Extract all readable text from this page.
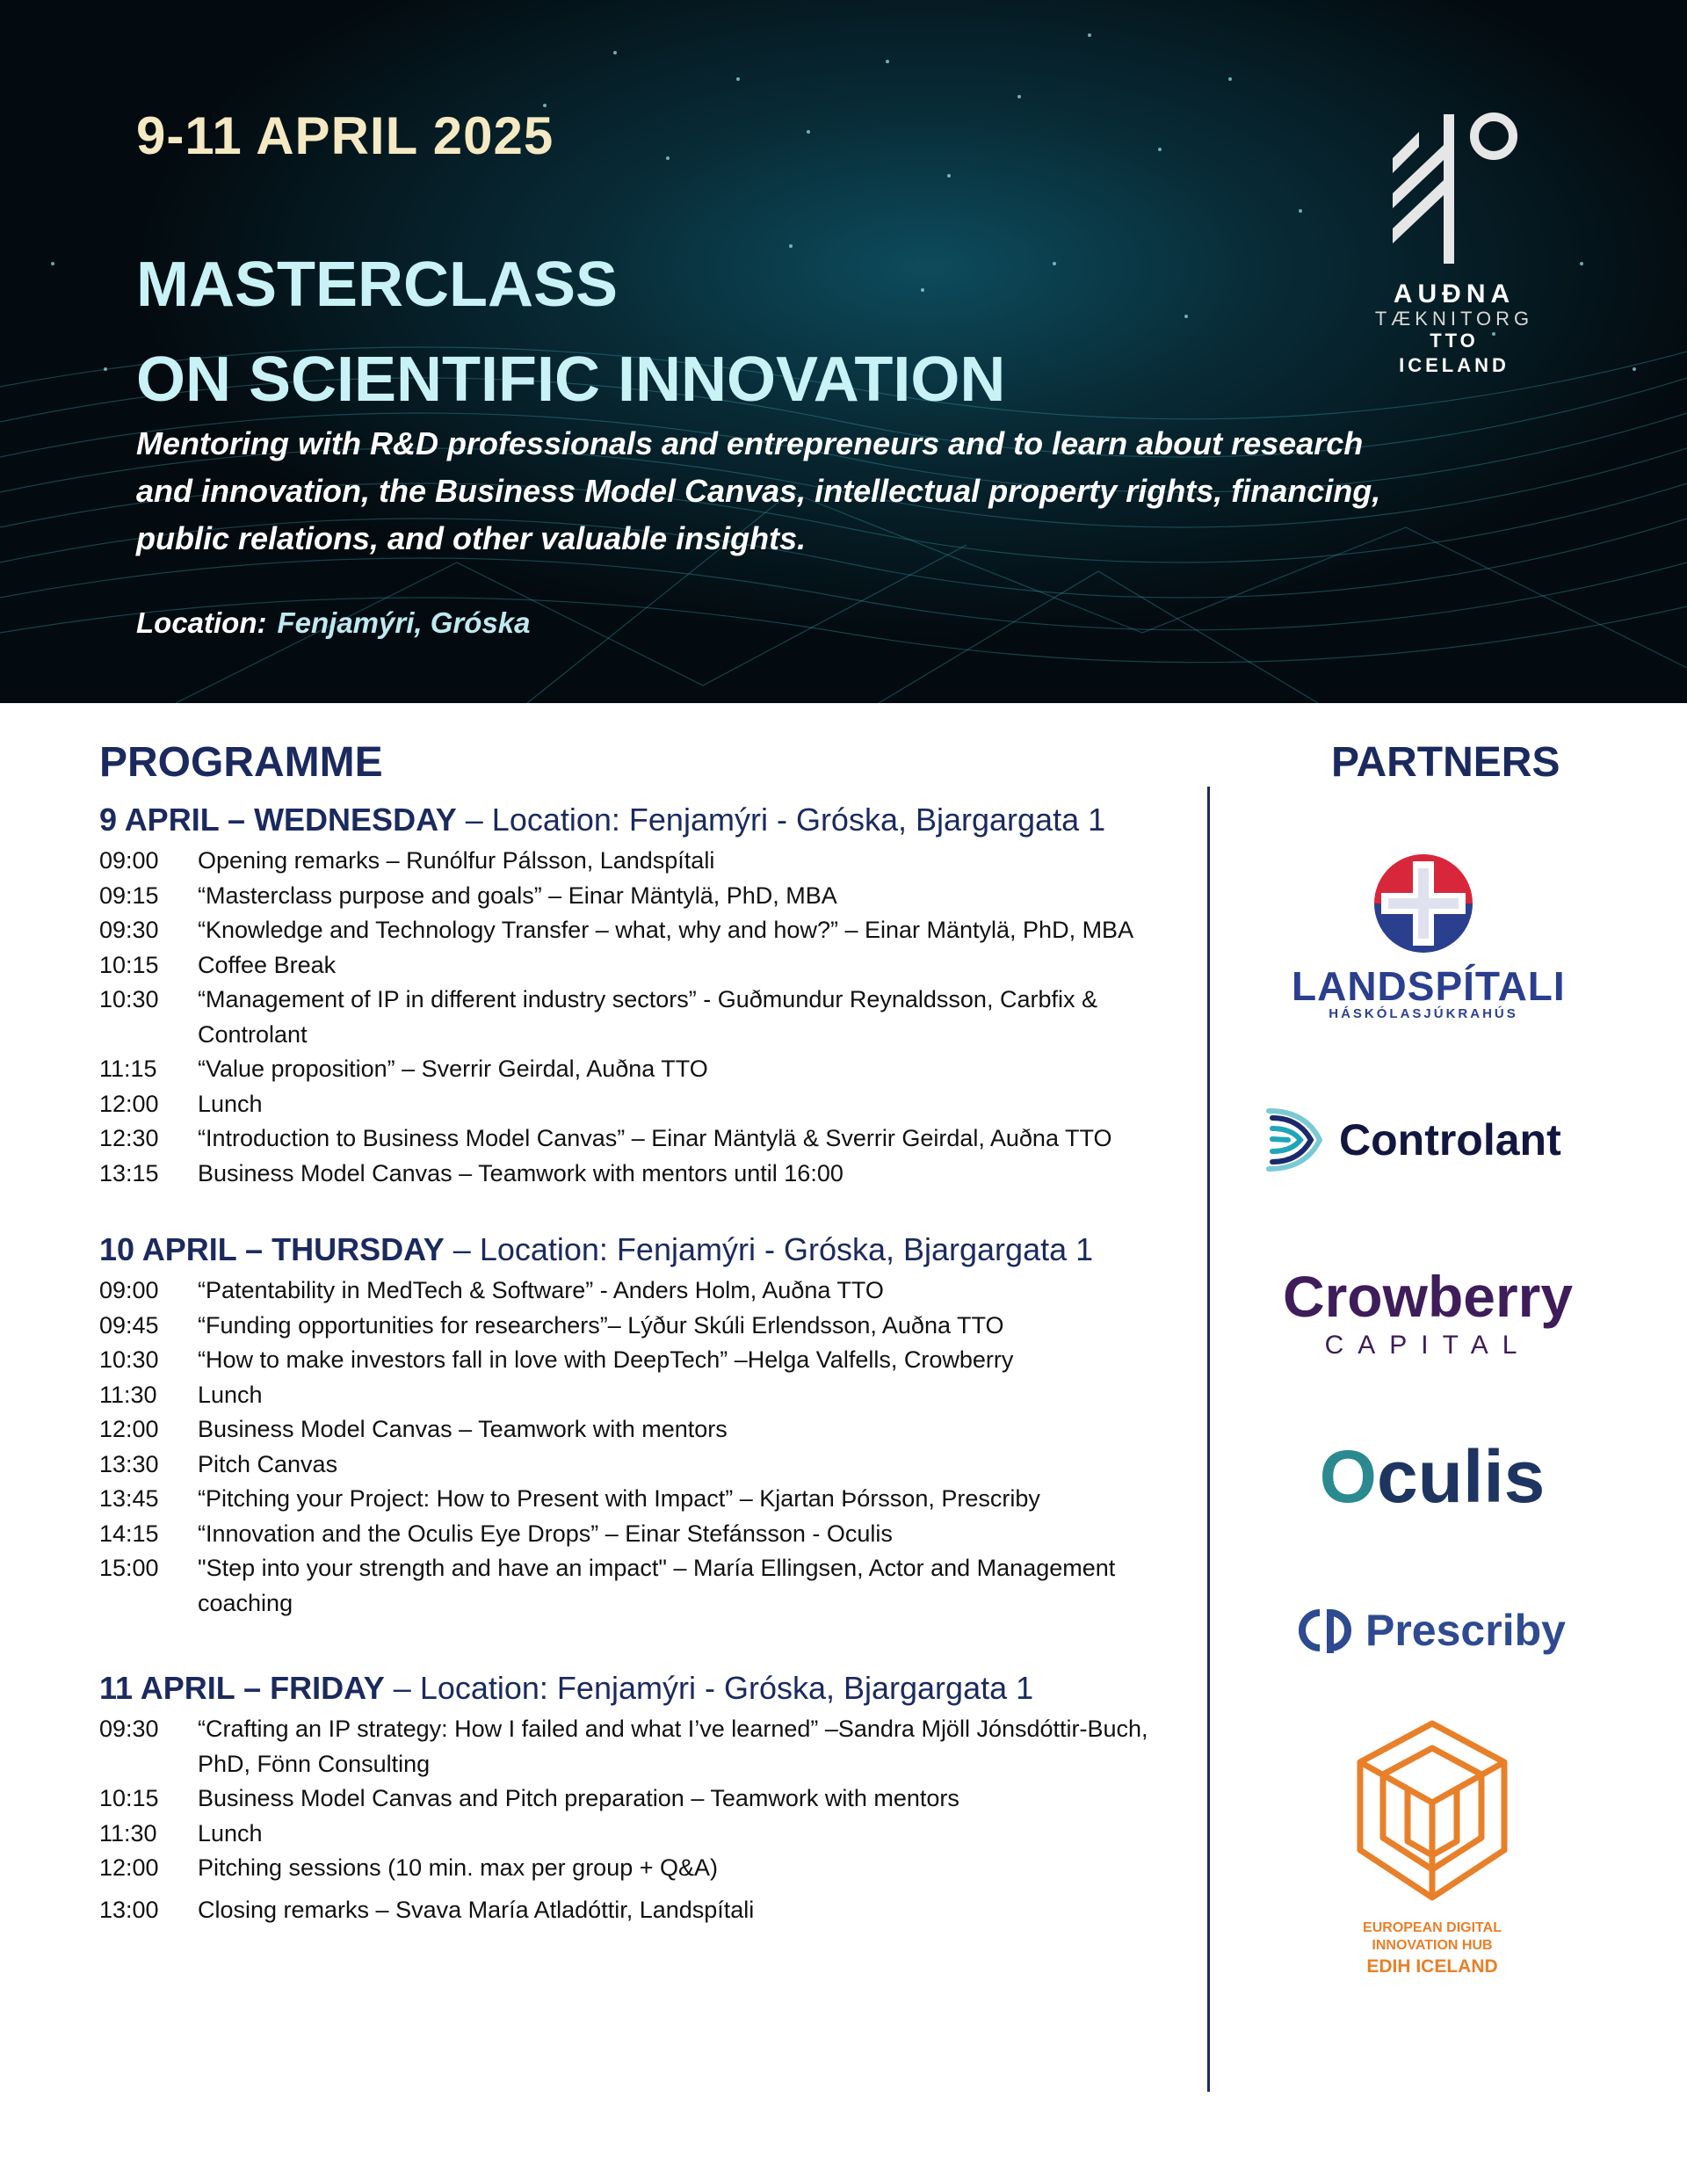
9-11 APRIL 2025
MASTERCLASS
ON SCIENTIFIC INNOVATION
Mentoring with R&D professionals and entrepreneurs and to learn about research and innovation, the Business Model Canvas, intellectual property rights, financing, public relations, and other valuable insights.
Location: Fenjamýri, Gróska
AUÐNA
TÆKNITORG
TTO ICELAND
PROGRAMME
9 APRIL – WEDNESDAY – Location: Fenjamýri - Gróska, Bjargargata 1
09:00	Opening remarks – Runólfur Pálsson, Landspítali
09:15	“Masterclass purpose and goals” – Einar Mäntylä, PhD, MBA
09:30	“Knowledge and Technology Transfer – what, why and how?” – Einar Mäntylä, PhD, MBA
10:15	Coffee Break
10:30	“Management of IP in different industry sectors” - Guðmundur Reynaldsson, Carbfix & Controlant
11:15	“Value proposition” – Sverrir Geirdal, Auðna TTO
12:00	Lunch
12:30	“Introduction to Business Model Canvas” – Einar Mäntylä & Sverrir Geirdal, Auðna TTO
13:15	Business Model Canvas – Teamwork with mentors until 16:00
10 APRIL – THURSDAY – Location: Fenjamýri - Gróska, Bjargargata 1
09:00	“Patentability in MedTech & Software” - Anders Holm, Auðna TTO
09:45	“Funding opportunities for researchers”– Lýður Skúli Erlendsson, Auðna TTO
10:30	“How to make investors fall in love with DeepTech” –Helga Valfells, Crowberry
11:30	Lunch
12:00	Business Model Canvas – Teamwork with mentors
13:30	Pitch Canvas
13:45	“Pitching your Project: How to Present with Impact” – Kjartan Þórsson, Prescriby
14:15	“Innovation and the Oculis Eye Drops” – Einar Stefánsson - Oculis
15:00	"Step into your strength and have an impact" – María Ellingsen, Actor and Management coaching
11 APRIL – FRIDAY – Location: Fenjamýri - Gróska, Bjargargata 1
09:30	“Crafting an IP strategy: How I failed and what I’ve learned” –Sandra Mjöll Jónsdóttir-Buch, PhD, Fönn Consulting
10:15	Business Model Canvas and Pitch preparation – Teamwork with mentors
11:30	Lunch
12:00	Pitching sessions (10 min. max per group + Q&A)
13:00	Closing remarks – Svava María Atladóttir, Landspítali
PARTNERS
LANDSPÍTALI
HÁSKÓLASJÚKRAHÚS
Controlant
Crowberry
CAPITAL
Oculis
Prescriby
EUROPEAN DIGITAL
INNOVATION HUB
EDIH ICELAND
